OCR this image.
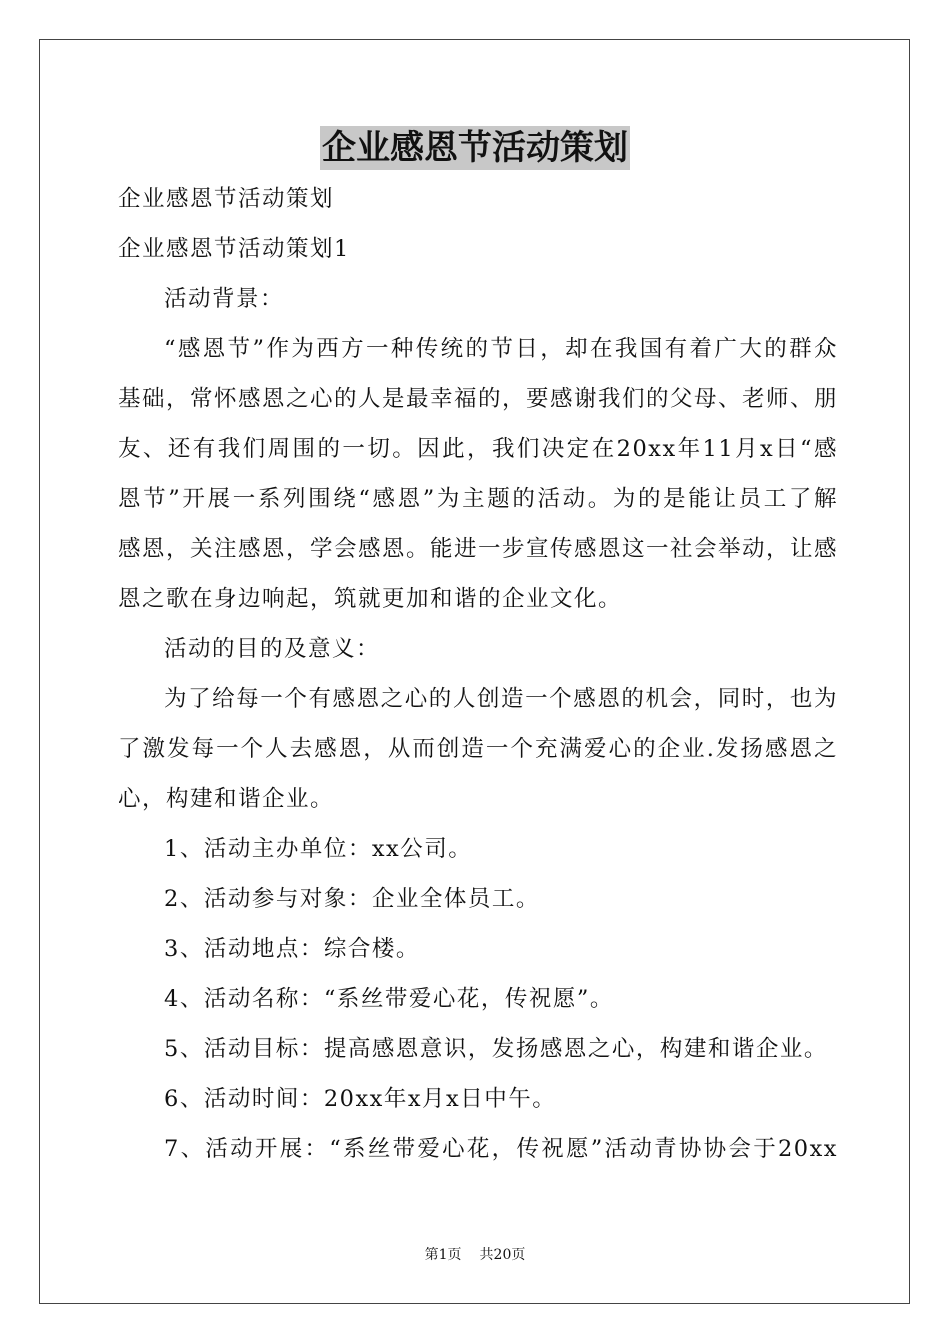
企业感恩节活动策划
企业感恩节活动策划
企业感恩节活动策划1
活动背景：
“感恩节”作为西方一种传统的节日，却在我国有着广大的群众
基础，常怀感恩之心的人是最幸福的，要感谢我们的父母、老师、朋
友、还有我们周围的一切。因此，我们决定在20xx年11月x日“感
恩节”开展一系列围绕“感恩”为主题的活动。为的是能让员工了解
感恩，关注感恩，学会感恩。能进一步宣传感恩这一社会举动，让感
恩之歌在身边响起，筑就更加和谐的企业文化。
活动的目的及意义：
为了给每一个有感恩之心的人创造一个感恩的机会，同时，也为
了激发每一个人去感恩，从而创造一个充满爱心的企业.发扬感恩之
心，构建和谐企业。
1、活动主办单位：xx公司。
2、活动参与对象：企业全体员工。
3、活动地点：综合楼。
4、活动名称：“系丝带爱心花，传祝愿”。
5、活动目标：提高感恩意识，发扬感恩之心，构建和谐企业。
6、活动时间：20xx年x月x日中午。
7、活动开展：“系丝带爱心花，传祝愿”活动青协协会于20xx
第1页 共20页
